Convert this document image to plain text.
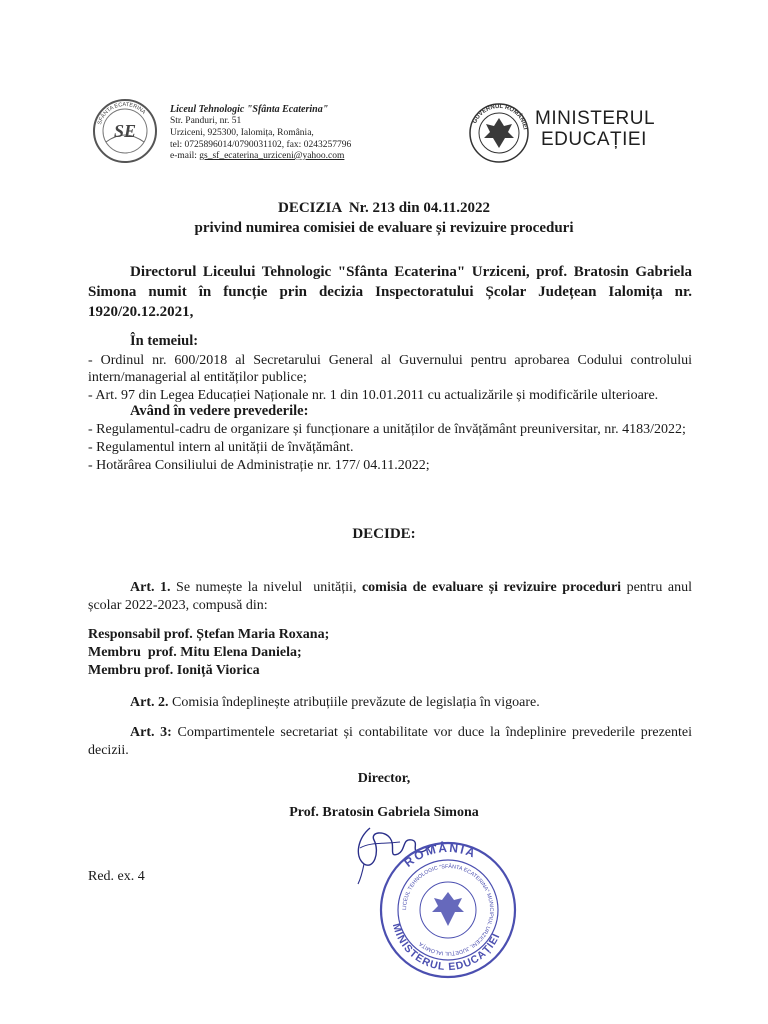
SE
SFÂNTA ECATERINA Liceul Tehnologic "Sfânta Ecaterina"
Str. Panduri, nr. 51
Urziceni, 925300, Ialomița, România,
tel: 0725896014/0790031102, fax: 0243257796
e-mail: gs_sf_ecaterina_urziceni@yahoo.com
GUVERNUL ROMÂNIEI MINISTERUL
EDUCAȚIEI
DECIZIA  Nr. 213 din 04.11.2022
privind numirea comisiei de evaluare și revizuire proceduri
Directorul Liceului Tehnologic "Sfânta Ecaterina" Urziceni, prof. Bratosin Gabriela Simona numit în funcție prin decizia Inspectoratului Școlar Județean Ialomița nr. 1920/20.12.2021,
În temeiul:
- Ordinul nr. 600/2018 al Secretarului General al Guvernului pentru aprobarea Codului controlului intern/managerial al entităților publice;
- Art. 97 din Legea Educației Naționale nr. 1 din 10.01.2011 cu actualizările și modificările ulterioare.
Având în vedere prevederile:
- Regulamentul-cadru de organizare și funcționare a unităților de învățământ preuniversitar, nr. 4183/2022;
- Regulamentul intern al unității de învățământ.
- Hotărârea Consiliului de Administrație nr. 177/ 04.11.2022;
DECIDE:
Art. 1. Se numește la nivelul  unității, comisia de evaluare și revizuire proceduri pentru anul școlar 2022-2023, compusă din:
Responsabil prof. Ștefan Maria Roxana;
Membru  prof. Mitu Elena Daniela;
Membru prof. Ioniță Viorica
Art. 2. Comisia îndeplinește atribuțiile prevăzute de legislația în vigoare.
Art. 3: Compartimentele secretariat și contabilitate vor duce la îndeplinire prevederile prezentei decizii.
Director,
Prof. Bratosin Gabriela Simona
ROMÂNIA
MINISTERUL EDUCAȚIEI
LICEUL TEHNOLOGIC "SFÂNTA ECATERINA" MUNICIPIUL URZICENI, JUDEȚUL IALOMIȚA
Red. ex. 4
